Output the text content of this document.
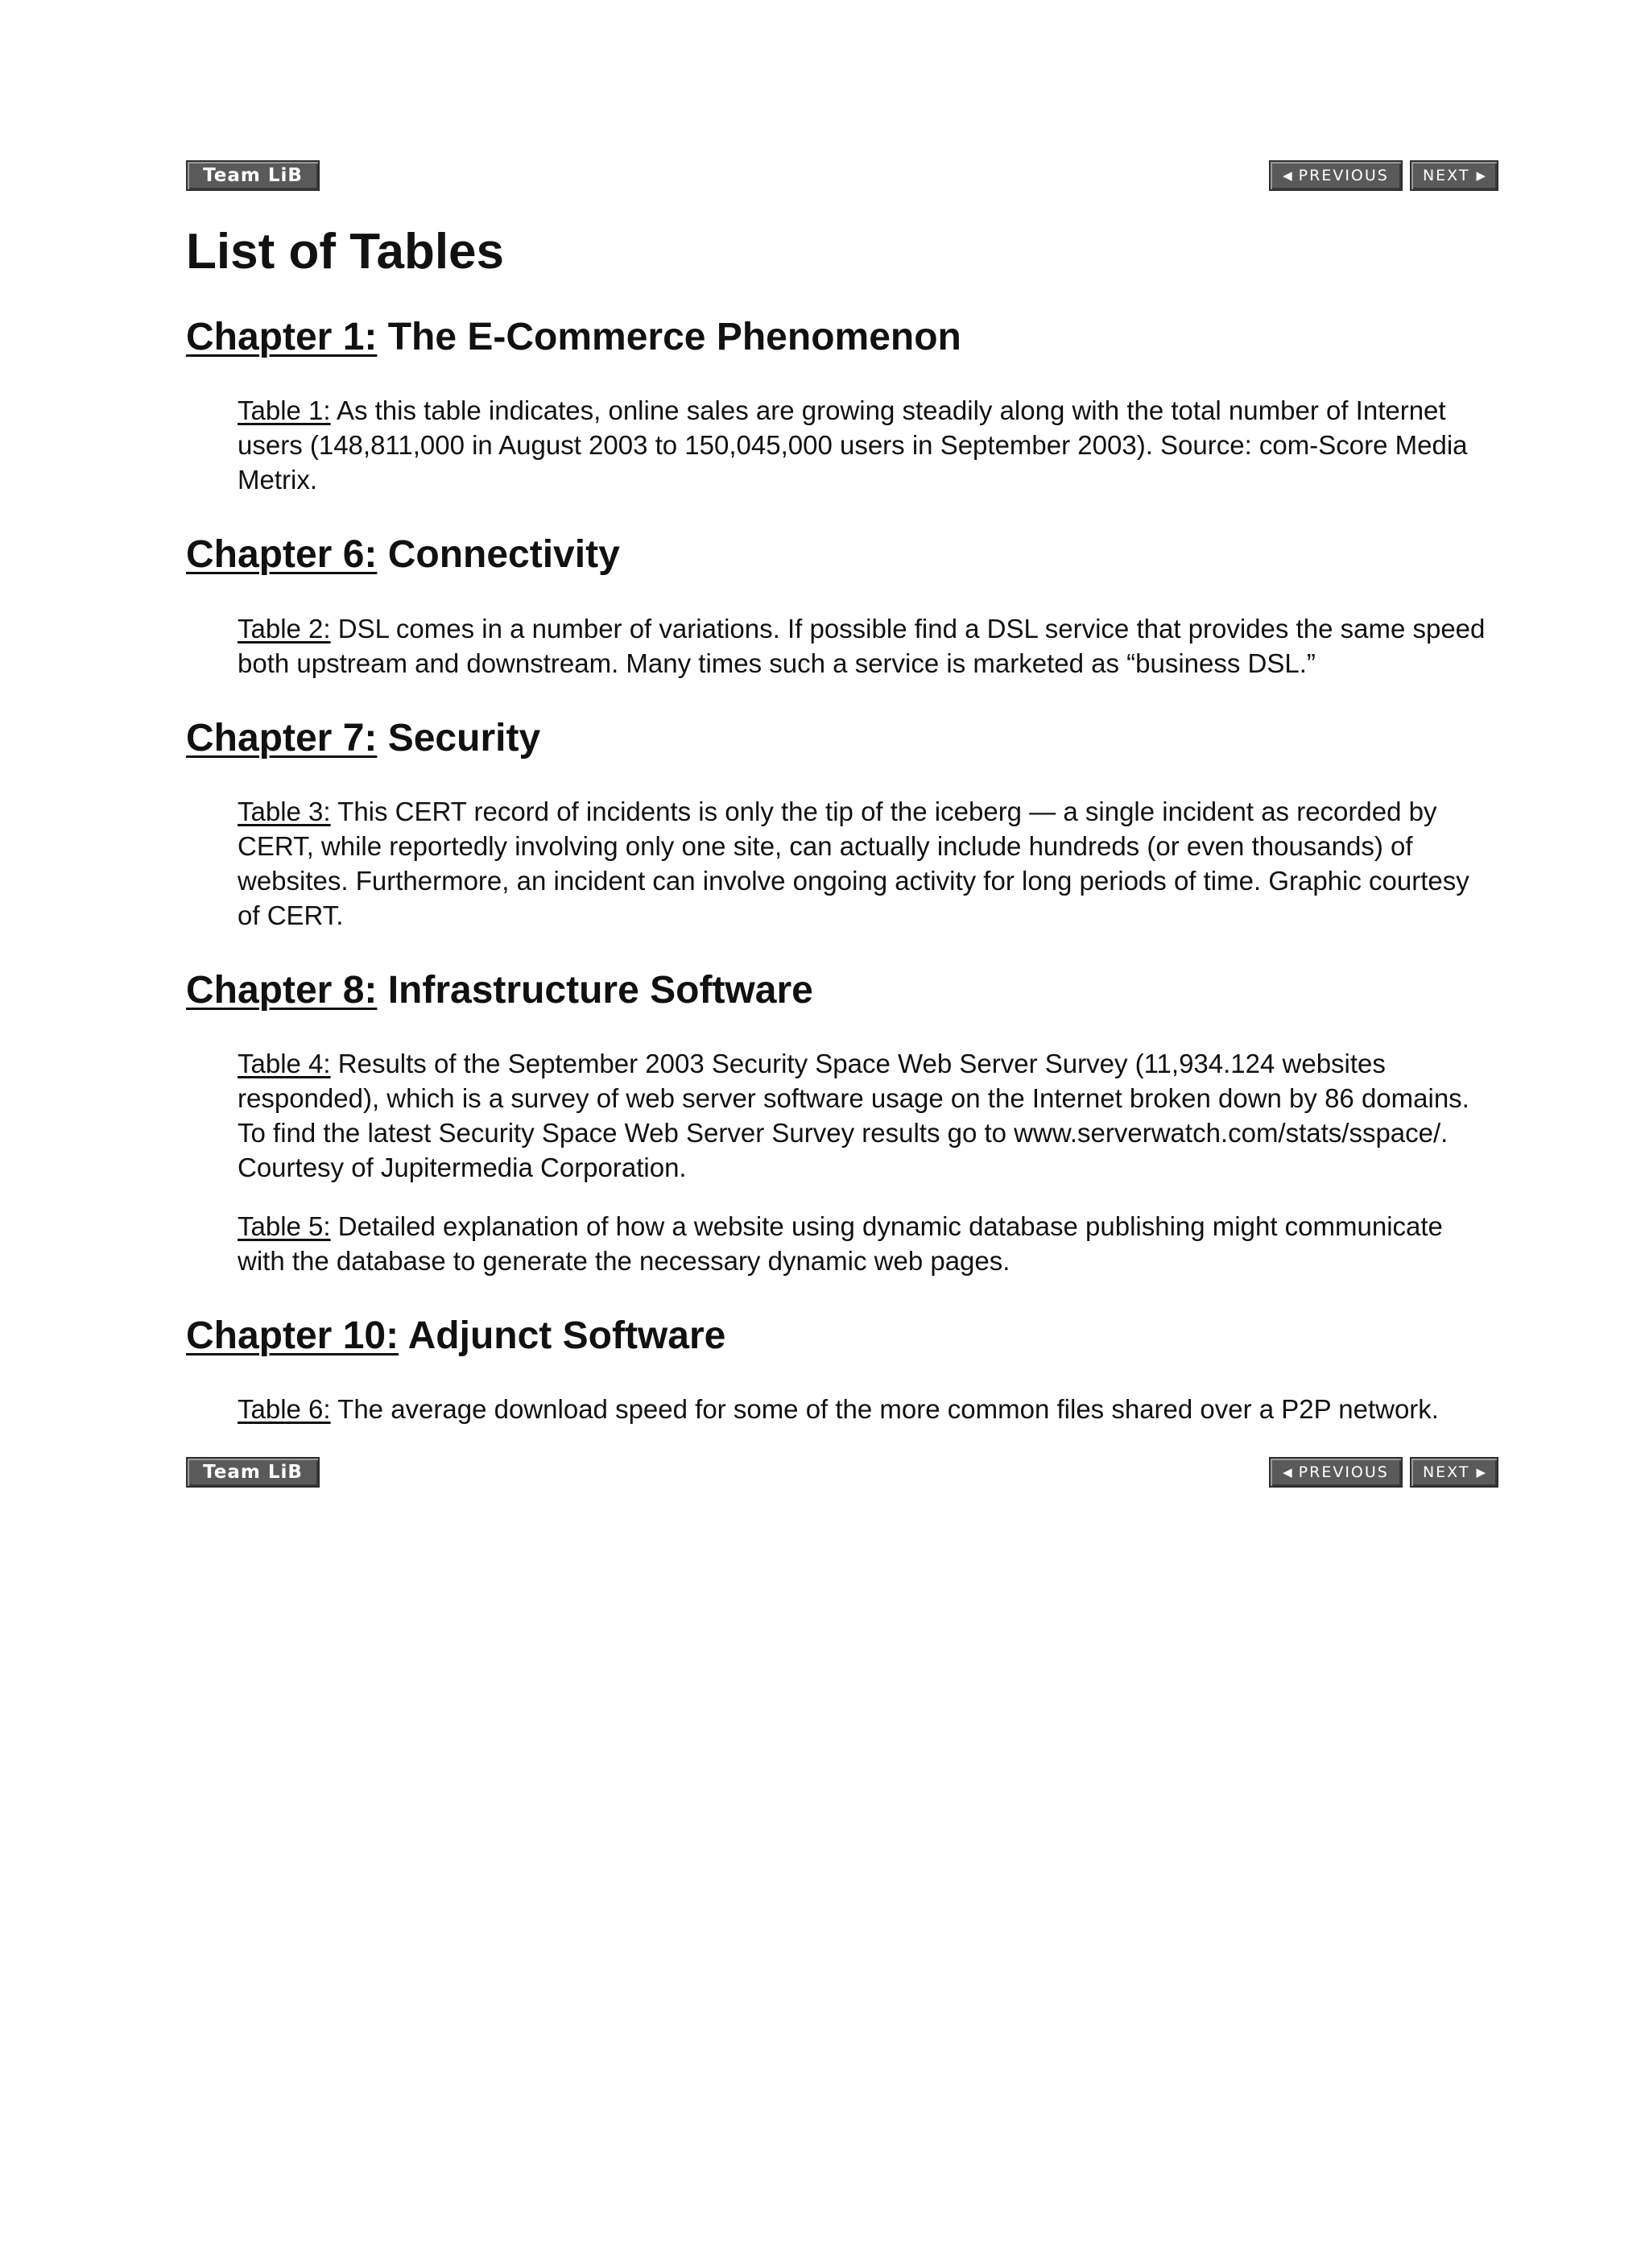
Team LiB	◀ PREVIOUS NEXT ▶
List of Tables
Chapter 1: The E-Commerce Phenomenon
Table 1: As this table indicates, online sales are growing steadily along with the total number of Internet users (148,811,000 in August 2003 to 150,045,000 users in September 2003). Source: com-Score Media Metrix.
Chapter 6: Connectivity
Table 2: DSL comes in a number of variations. If possible find a DSL service that provides the same speed both upstream and downstream. Many times such a service is marketed as “business DSL.”
Chapter 7: Security
Table 3: This CERT record of incidents is only the tip of the iceberg — a single incident as recorded by CERT, while reportedly involving only one site, can actually include hundreds (or even thousands) of websites. Furthermore, an incident can involve ongoing activity for long periods of time. Graphic courtesy of CERT.
Chapter 8: Infrastructure Software
Table 4: Results of the September 2003 Security Space Web Server Survey (11,934.124 websites responded), which is a survey of web server software usage on the Internet broken down by 86 domains. To find the latest Security Space Web Server Survey results go to www.serverwatch.com/stats/sspace/. Courtesy of Jupitermedia Corporation.
Table 5: Detailed explanation of how a website using dynamic database publishing might communicate with the database to generate the necessary dynamic web pages.
Chapter 10: Adjunct Software
Table 6: The average download speed for some of the more common files shared over a P2P network.
Team LiB	◀ PREVIOUS NEXT ▶
